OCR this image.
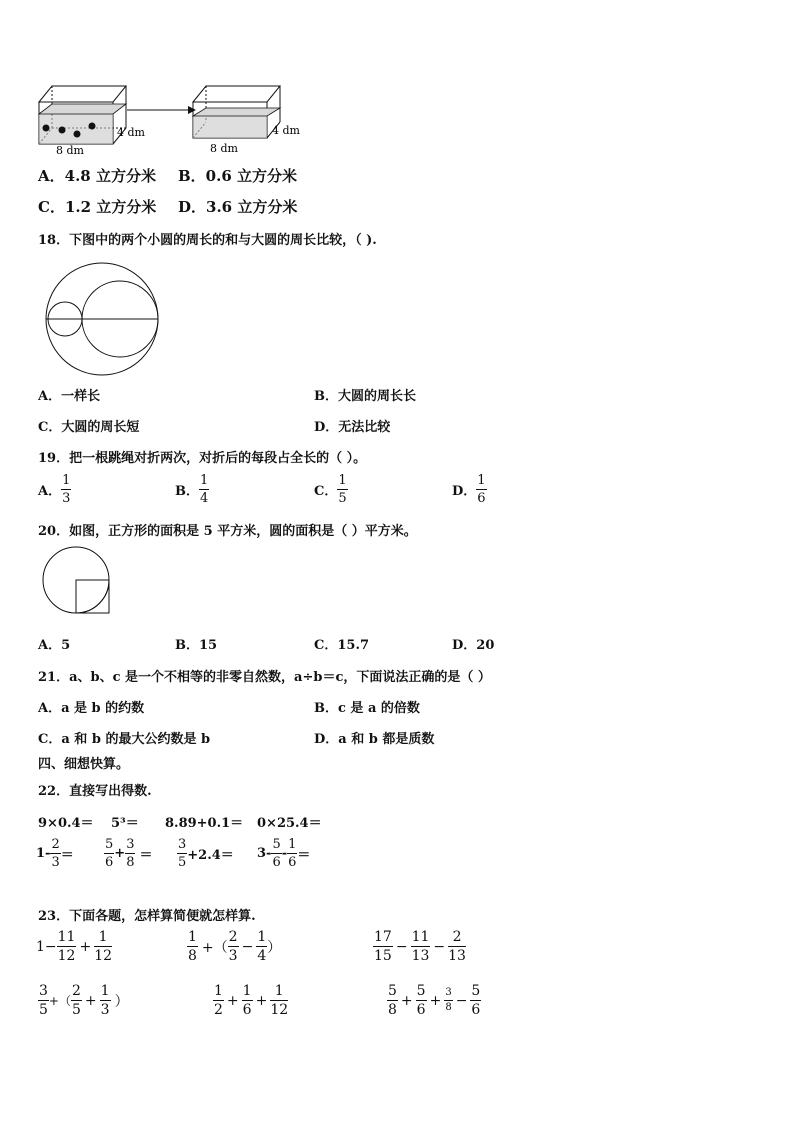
4 dm
8 dm
4 dm
8 dm
A．4.8 立方分米 B．0.6 立方分米
C．1.2 立方分米 D．3.6 立方分米
18．下图中的两个小圆的周长的和与大圆的周长比较，（ ).
A．一样长	B．大圆的周长长
C．大圆的周长短	D．无法比较
19．把一根跳绳对折两次，对折后的每段占全长的（ ）。
A． $\frac{1}{3}$	B． $\frac{1}{4}$	C． $\frac{1}{5}$	D． $\frac{1}{6}$
20．如图，正方形的面积是 5 平方米，圆的面积是（ ）平方米。
A．5	B．15	C．15.7	D．20
21．a、b、c 是一个不相等的非零自然数，a÷b＝c，下面说法正确的是（ ）
A．a 是 b 的约数	B．c 是 a 的倍数
C．a 和 b 的最大公约数是 b	D．a 和 b 都是质数
四、细想快算。
22．直接写出得数.
9×0.4＝ 5³＝ 8.89+0.1＝ 0×25.4＝
$1- \frac{2}{3} = \frac{5}{6} + \frac{3}{8} = \frac{3}{5} +2.4= 3- \frac{5}{6} - \frac{1}{6}$ ＝
23．下面各题，怎样算简便就怎样算.
$1- \frac{11}{12} + \frac{1}{12}$	$\frac{1}{8}$ +（ $\frac{2}{3} - \frac{1}{4}$ ）	$\frac{17}{15} - \frac{11}{13} - \frac{2}{13}$
$\frac{3}{5}$ +（ $\frac{2}{5} + \frac{1}{3}$ ）	$\frac{1}{2} + \frac{1}{6} + \frac{1}{12}$	$\frac{5}{8} + \frac{5}{6} + \frac{3}{8} - \frac{5}{6}$
